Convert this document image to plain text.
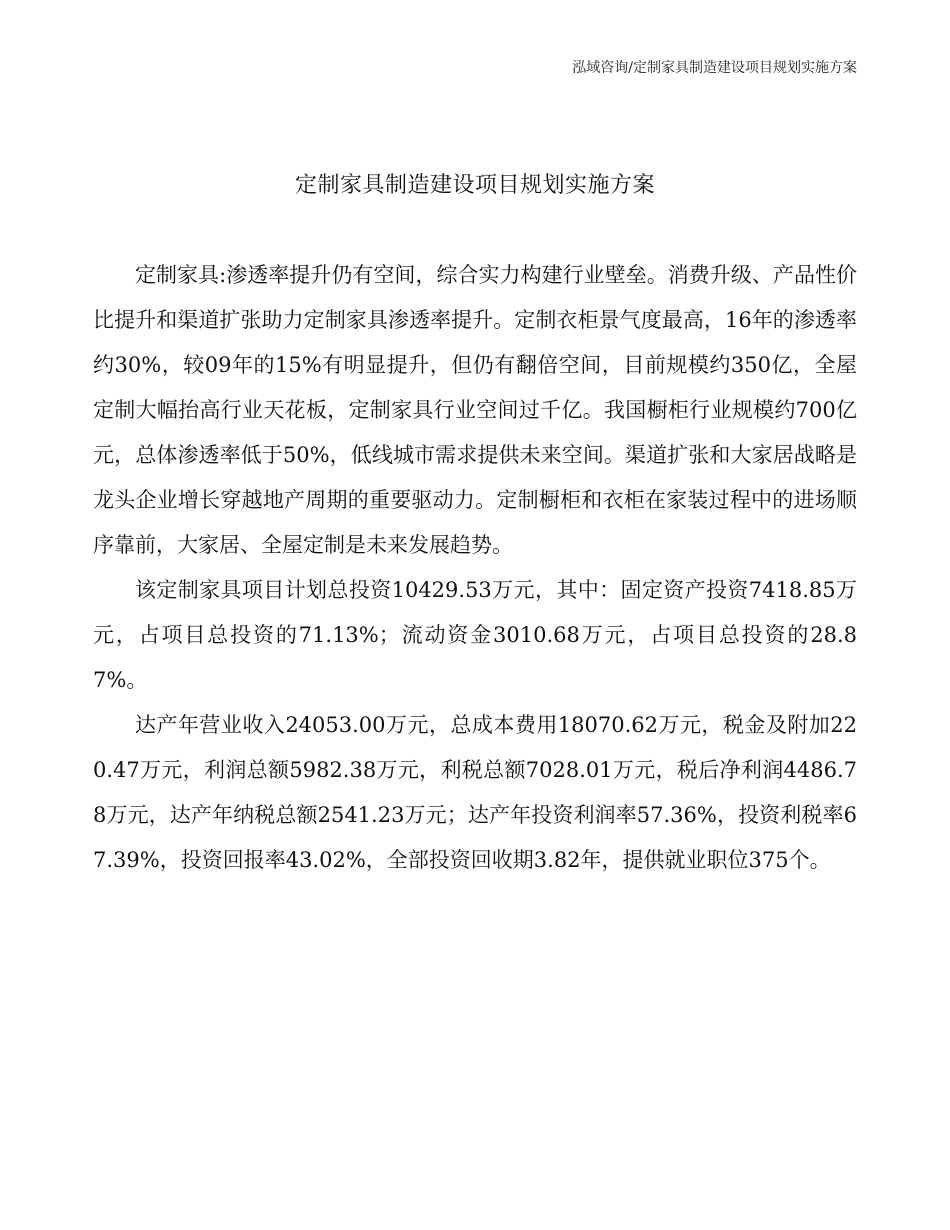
泓域咨询/定制家具制造建设项目规划实施方案
定制家具制造建设项目规划实施方案

定制家具:渗透率提升仍有空间，综合实力构建行业壁垒。消费升级、产品性价比提升和渠道扩张助力定制家具渗透率提升。定制衣柜景气度最高，16年的渗透率约30%，较09年的15%有明显提升，但仍有翻倍空间，目前规模约350亿，全屋定制大幅抬高行业天花板，定制家具行业空间过千亿。我国橱柜行业规模约700亿元，总体渗透率低于50%，低线城市需求提供未来空间。渠道扩张和大家居战略是龙头企业增长穿越地产周期的重要驱动力。定制橱柜和衣柜在家装过程中的进场顺序靠前，大家居、全屋定制是未来发展趋势。

该定制家具项目计划总投资10429.53万元，其中：固定资产投资7418.85万元，占项目总投资的71.13%；流动资金3010.68万元，占项目总投资的28.87%。

达产年营业收入24053.00万元，总成本费用18070.62万元，税金及附加220.47万元，利润总额5982.38万元，利税总额7028.01万元，税后净利润4486.78万元，达产年纳税总额2541.23万元；达产年投资利润率57.36%，投资利税率67.39%，投资回报率43.02%，全部投资回收期3.82年，提供就业职位375个。
